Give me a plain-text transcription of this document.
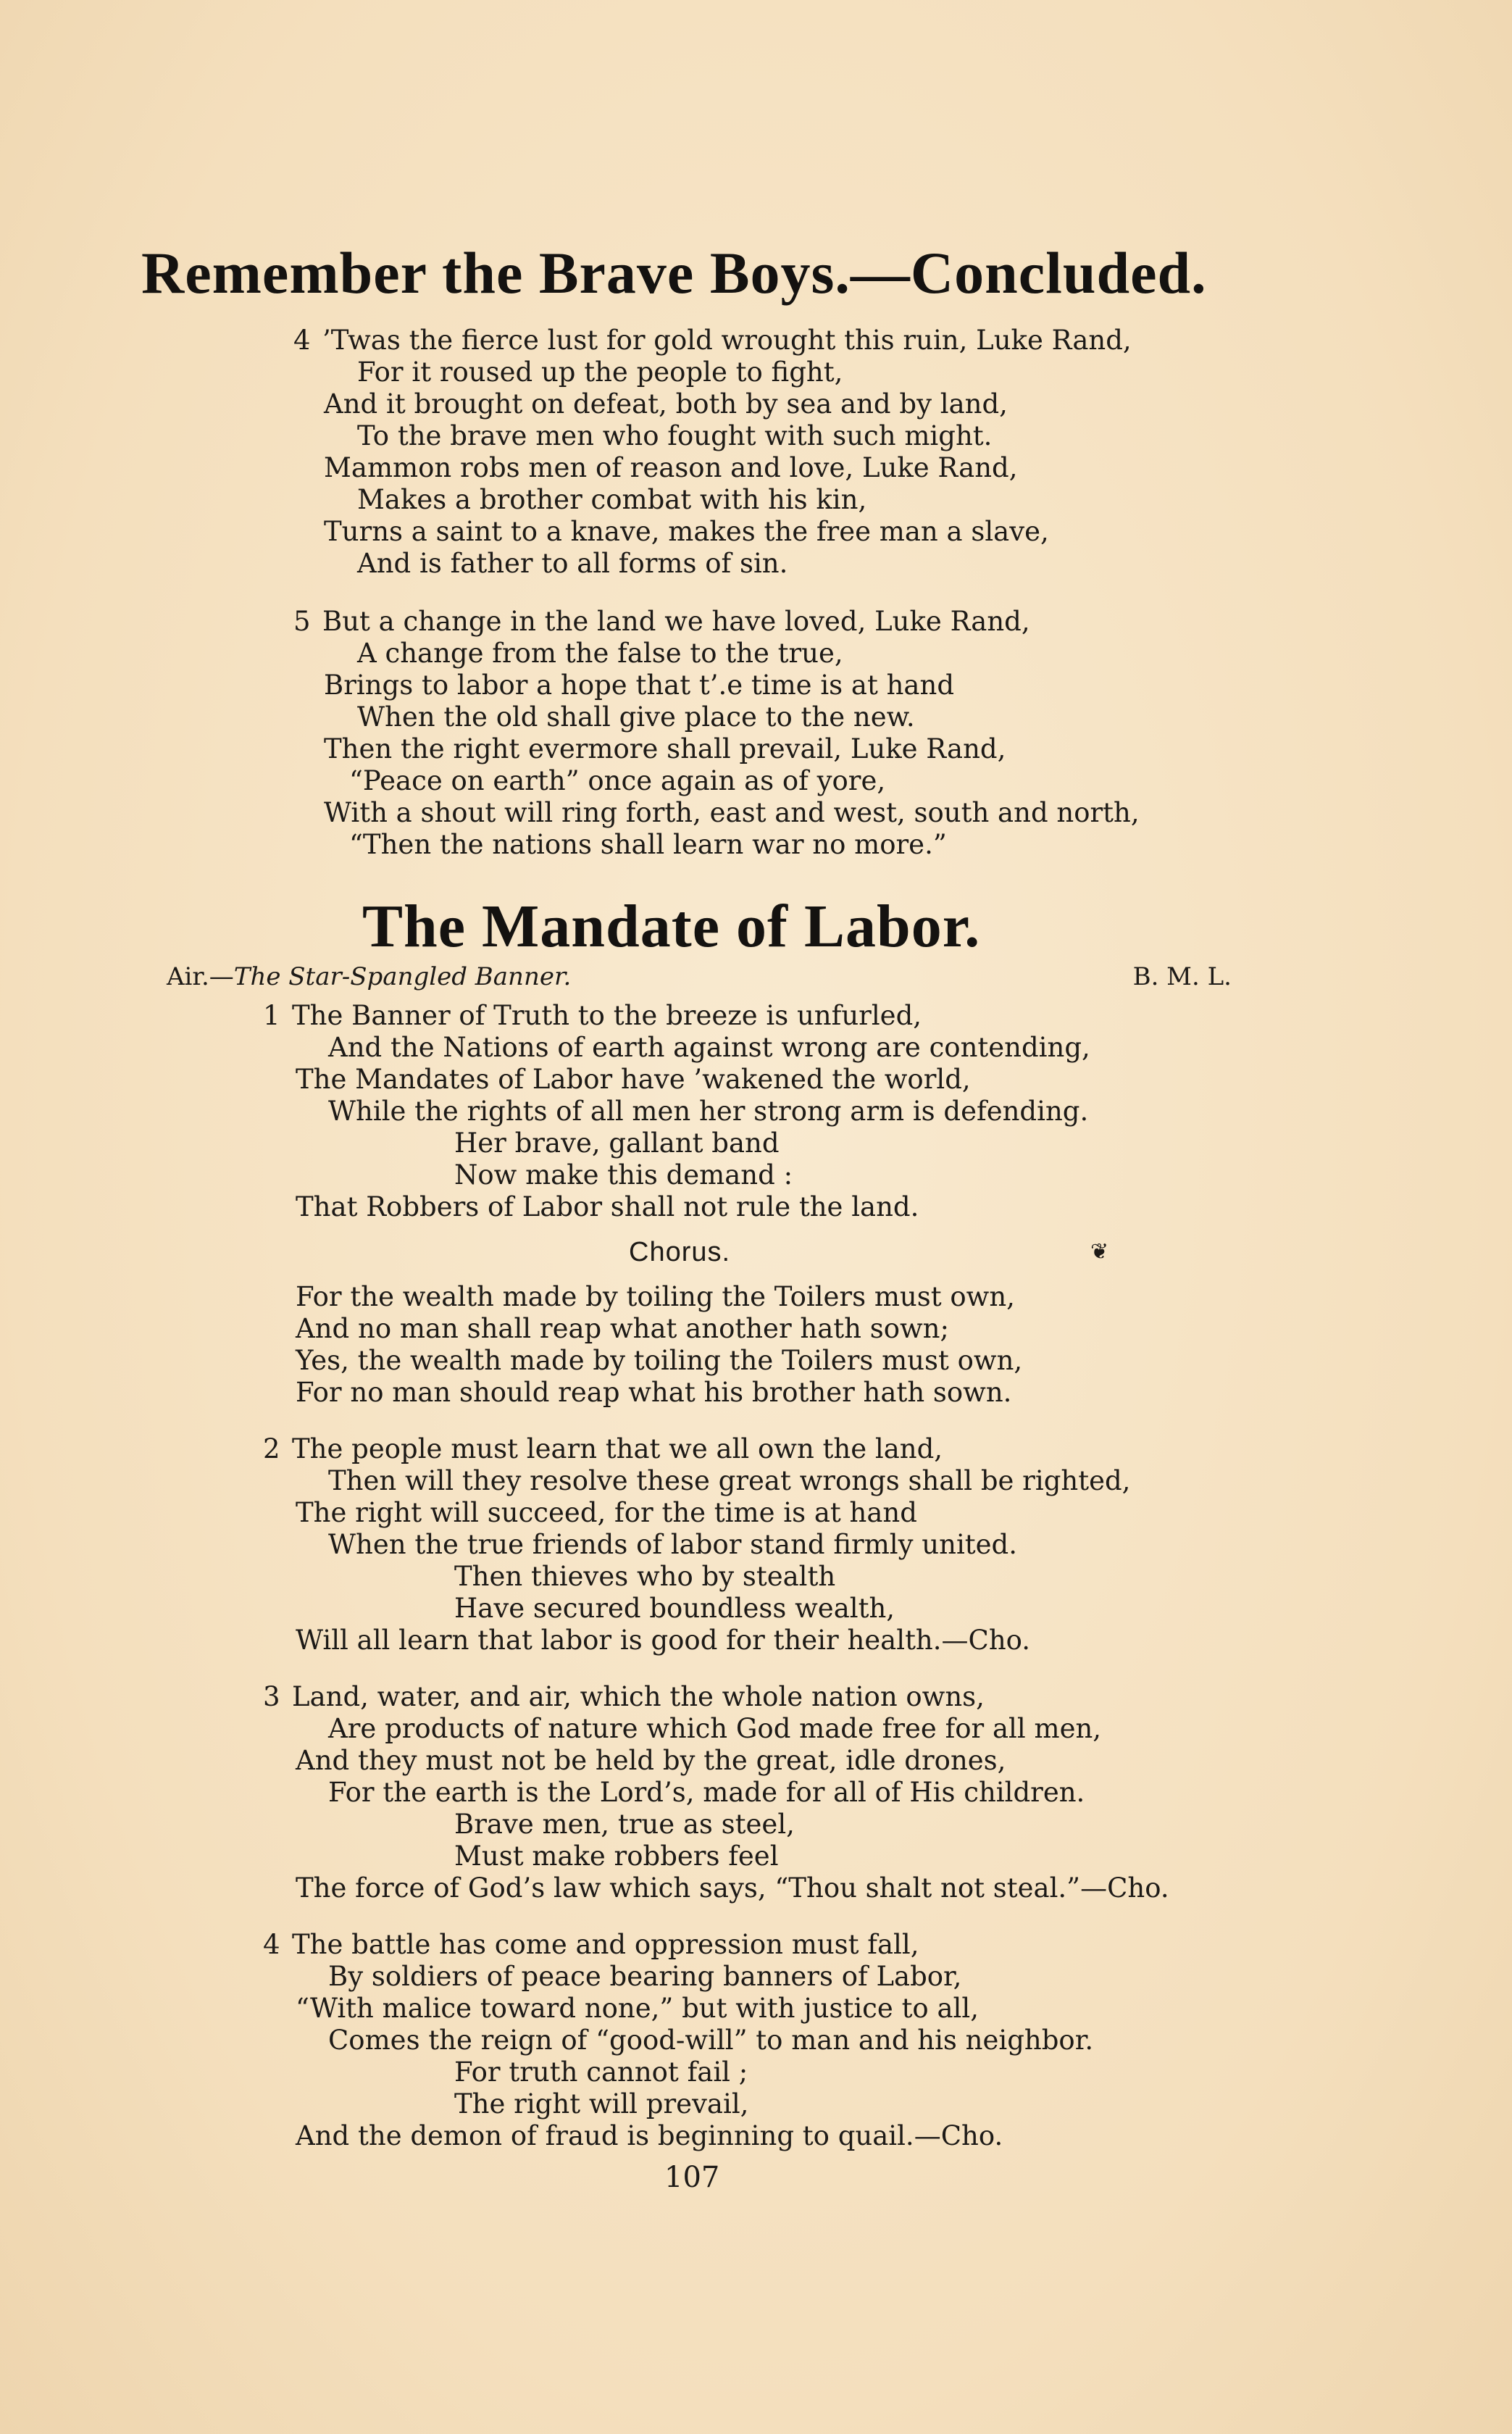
Remember the Brave Boys.—Concluded.
4 ’Twas the fierce lust for gold wrought this ruin, Luke Rand,
For it roused up the people to fight,
And it brought on defeat, both by sea and by land,
To the brave men who fought with such might.
Mammon robs men of reason and love, Luke Rand,
Makes a brother combat with his kin,
Turns a saint to a knave, makes the free man a slave,
And is father to all forms of sin.
5 But a change in the land we have loved, Luke Rand,
A change from the false to the true,
Brings to labor a hope that t’.e time is at hand
When the old shall give place to the new.
Then the right evermore shall prevail, Luke Rand,
“Peace on earth” once again as of yore,
With a shout will ring forth, east and west, south and north,
“Then the nations shall learn war no more.”
The Mandate of Labor.
Air.—The Star-Spangled Banner.	B. M. L.
1 The Banner of Truth to the breeze is unfurled,
And the Nations of earth against wrong are contending,
The Mandates of Labor have ’wakened the world,
While the rights of all men her strong arm is defending.
Her brave, gallant band
Now make this demand :
That Robbers of Labor shall not rule the land.
Chorus.	❦
For the wealth made by toiling the Toilers must own,
And no man shall reap what another hath sown;
Yes, the wealth made by toiling the Toilers must own,
For no man should reap what his brother hath sown.
2 The people must learn that we all own the land,
Then will they resolve these great wrongs shall be righted,
The right will succeed, for the time is at hand
When the true friends of labor stand firmly united.
Then thieves who by stealth
Have secured boundless wealth,
Will all learn that labor is good for their health.—Cho.
3 Land, water, and air, which the whole nation owns,
Are products of nature which God made free for all men,
And they must not be held by the great, idle drones,
For the earth is the Lord’s, made for all of His children.
Brave men, true as steel,
Must make robbers feel
The force of God’s law which says, “Thou shalt not steal.”—Cho.
4 The battle has come and oppression must fall,
By soldiers of peace bearing banners of Labor,
“With malice toward none,” but with justice to all,
Comes the reign of “good-will” to man and his neighbor.
For truth cannot fail ;
The right will prevail,
And the demon of fraud is beginning to quail.—Cho.
107
